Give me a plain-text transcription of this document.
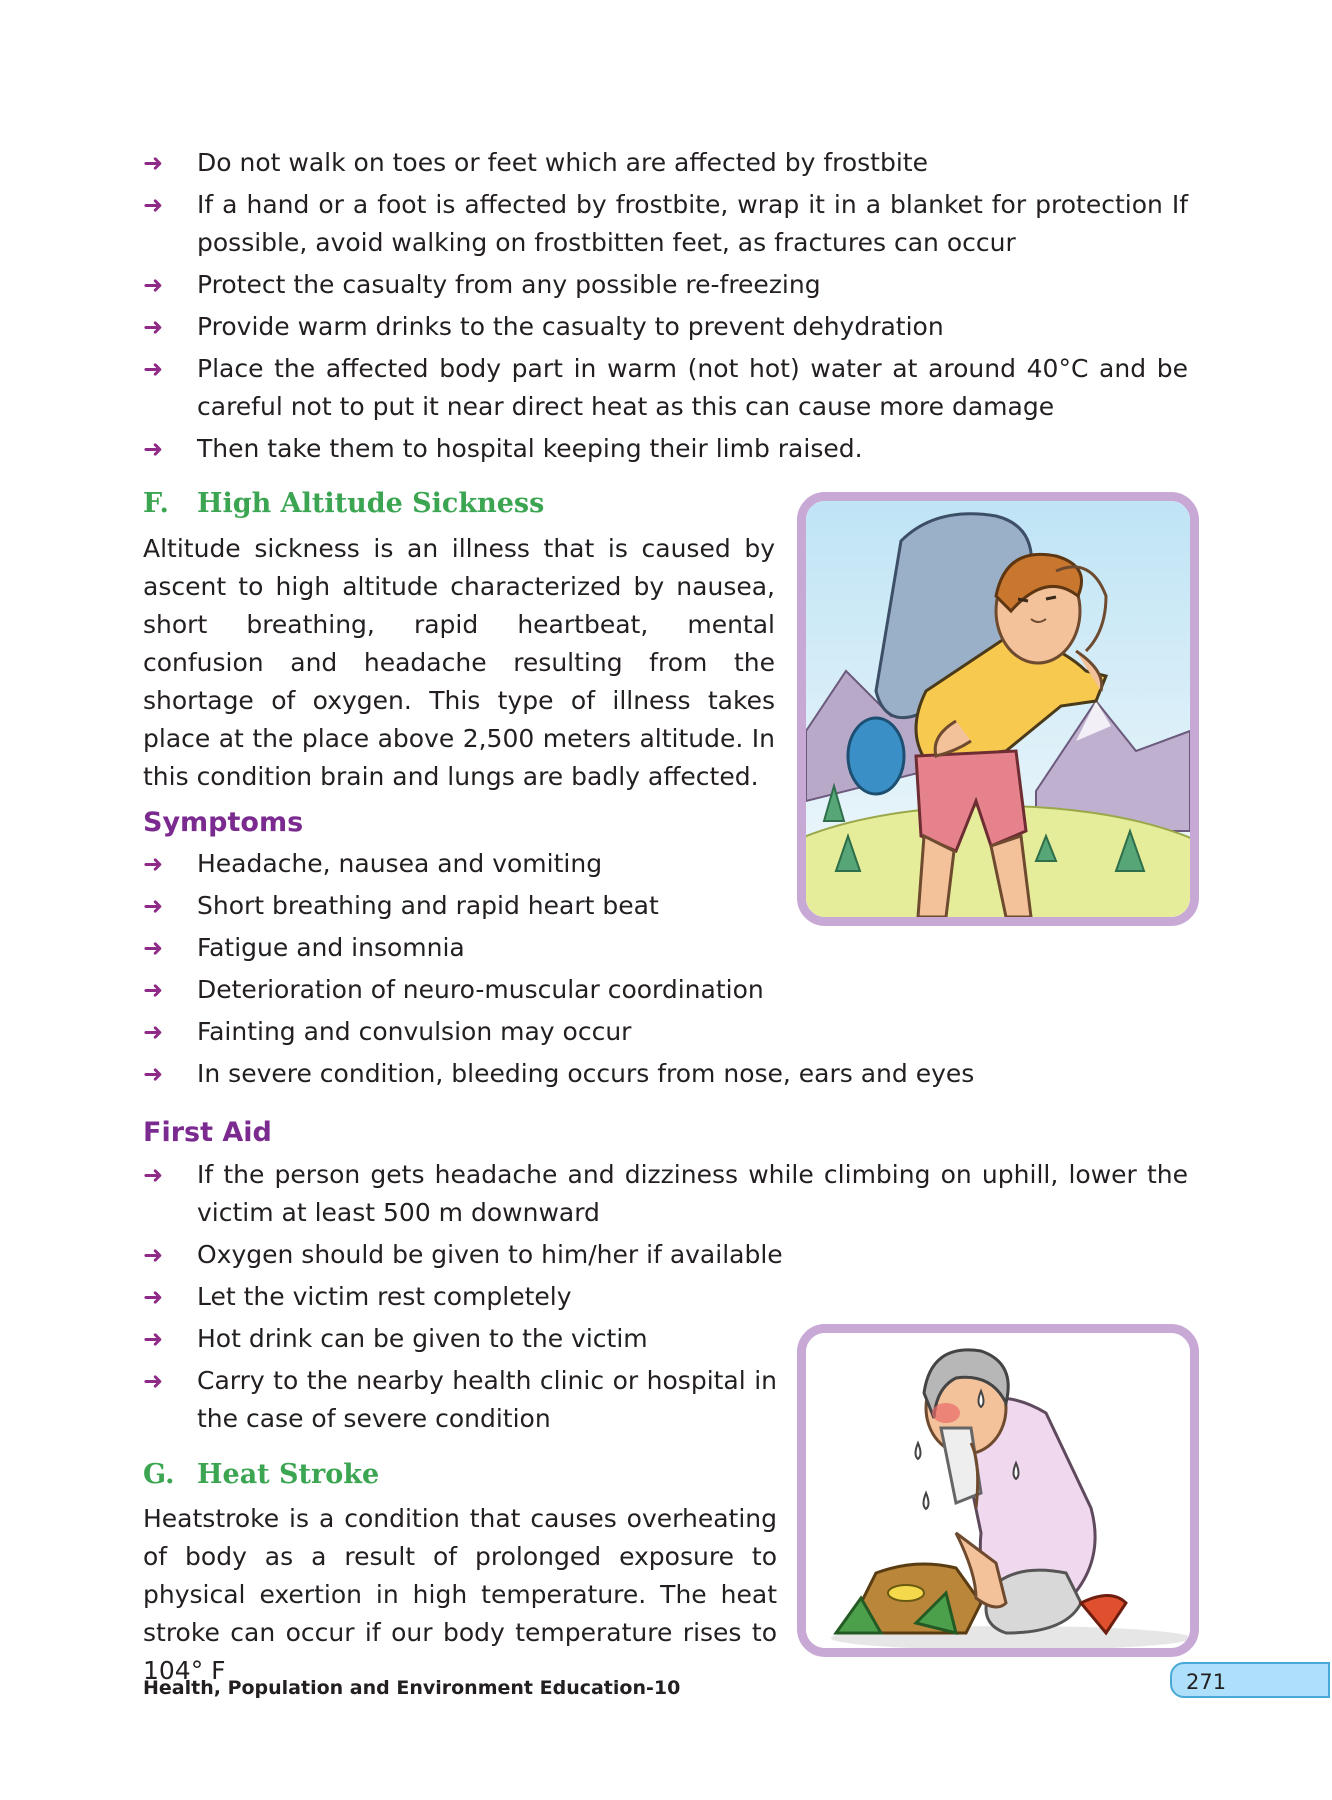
➜ Do not walk on toes or feet which are affected by frostbite
➜ If a hand or a foot is affected by frostbite, wrap it in a blanket for protection If possible, avoid walking on frostbitten feet, as fractures can occur
➜ Protect the casualty from any possible re-freezing
➜ Provide warm drinks to the casualty to prevent dehydration
➜ Place the affected body part in warm (not hot) water at around 40°C and be careful not to put it near direct heat as this can cause more damage
➜ Then take them to hospital keeping their limb raised.
F. High Altitude Sickness
Altitude sickness is an illness that is caused by ascent to high altitude characterized by nausea, short breathing, rapid heartbeat, mental confusion and headache resulting from the shortage of oxygen. This type of illness takes place at the place above 2,500 meters altitude. In this condition brain and lungs are badly affected.
Symptoms
➜ Headache, nausea and vomiting
➜ Short breathing and rapid heart beat
➜ Fatigue and insomnia
➜ Deterioration of neuro-muscular coordination
➜ Fainting and convulsion may occur
➜ In severe condition, bleeding occurs from nose, ears and eyes
First Aid
➜ If the person gets headache and dizziness while climbing on uphill, lower the victim at least 500 m downward
➜ Oxygen should be given to him/her if available
➜ Let the victim rest completely
➜ Hot drink can be given to the victim
➜ Carry to the nearby health clinic or hospital in the case of severe condition
G. Heat Stroke
Heatstroke is a condition that causes overheating of body as a result of prolonged exposure to physical exertion in high temperature. The heat stroke can occur if our body temperature rises to 104° F
Health, Population and Environment Education-10	271
